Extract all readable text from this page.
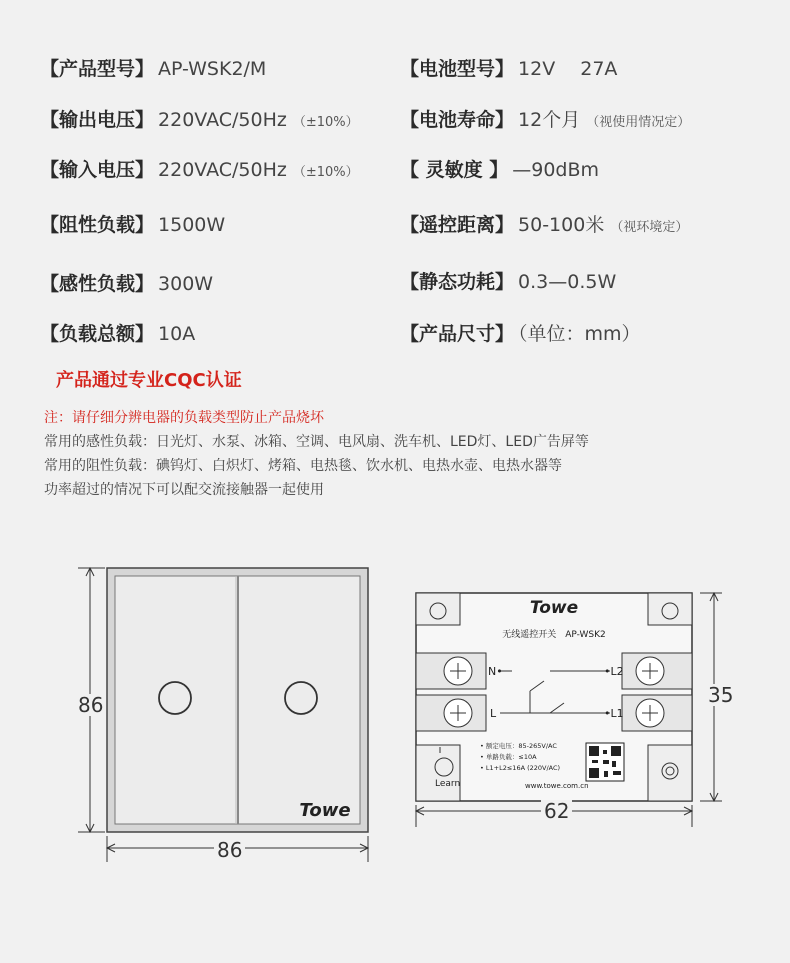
【产品型号】 AP-WSK2/M	【电池型号】 12V　 27A
【输出电压】 220VAC/50Hz （±10%） 【电池寿命】 12个月 （视使用情况定）
【输入电压】 220VAC/50Hz （±10%） 【 灵敏度 】 —90dBm
【阻性负载】 1500W	【遥控距离】 50-100米 （视环境定）
【感性负载】 300W	【静态功耗】 0.3—0.5W
【负载总额】 10A	【产品尺寸】 （单位：mm）
产品通过专业CQC认证
注：请仔细分辨电器的负载类型防止产品烧坏
常用的感性负载：日光灯、水泵、冰箱、空调、电风扇、洗车机、LED灯、LED广告屏等
常用的阻性负载：碘钨灯、白炽灯、烤箱、电热毯、饮水机、电热水壶、电热水器等
功率超过的情况下可以配交流接触器一起使用
Towe
86
86
Learn
Towe
无线遥控开关　AP-WSK2
N•
L
•L2
•L1
• 额定电压：85-265V/AC
• 单路负载：≤10A
• L1+L2≤16A (220V/AC)
www.towe.com.cn
35
62
